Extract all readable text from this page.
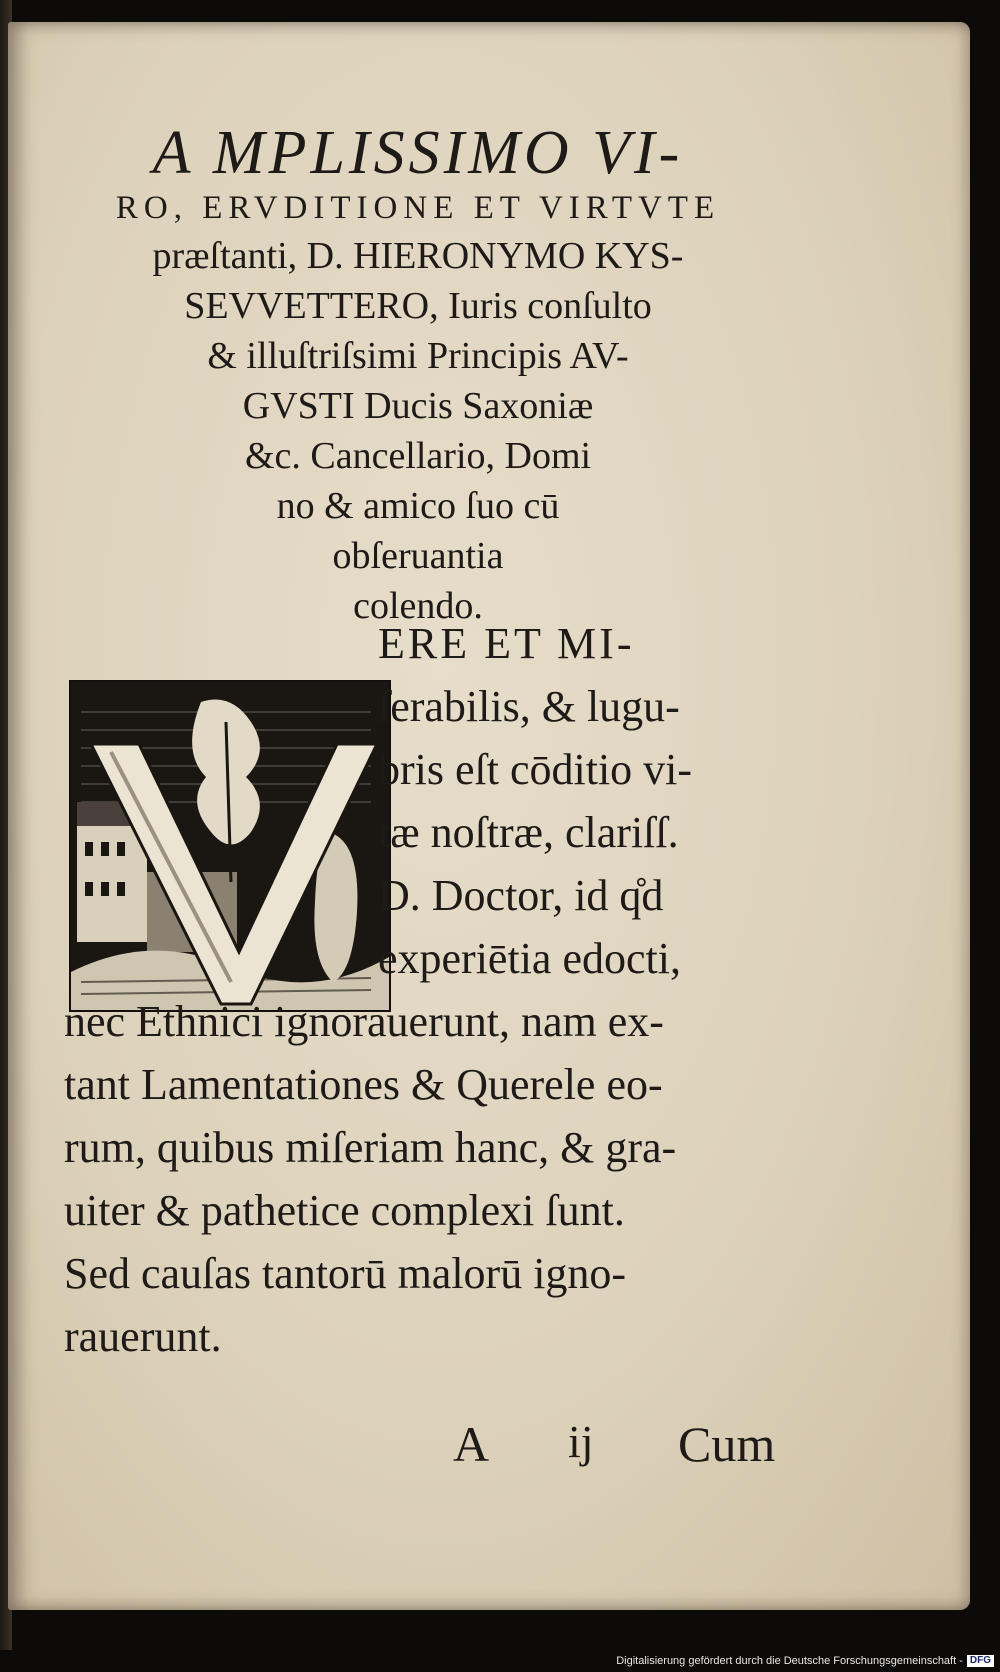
A MPLISSIMO VI-

RO, ERVDITIONE ET VIRTVTE

præſtanti, D. HIERONYMO KYS-

SEVVETTERO, Iuris conſulto

& illuſtriſsimi Principis AV-

GVSTI Ducis Saxoniæ

&c. Cancellario, Domi

no & amico ſuo cū

obſeruantia

colendo.

ERE ET MI-
ſerabilis, & lugu-
bris eſt cōditio vi-
tæ noſtræ, clariſſ.
D. Doctor, id q̊d
experiētia edocti,
nec Ethnici ignorauerunt, nam ex-
tant Lamentationes & Querele eo-
rum, quibus miſeriam hanc, & gra-
uiter & pathetice complexi ſunt.
Sed cauſas tantorū malorū igno-
rauerunt.
A ij Cum
Digitalisierung gefördert durch die Deutsche Forschungsgemeinschaft - DFG
